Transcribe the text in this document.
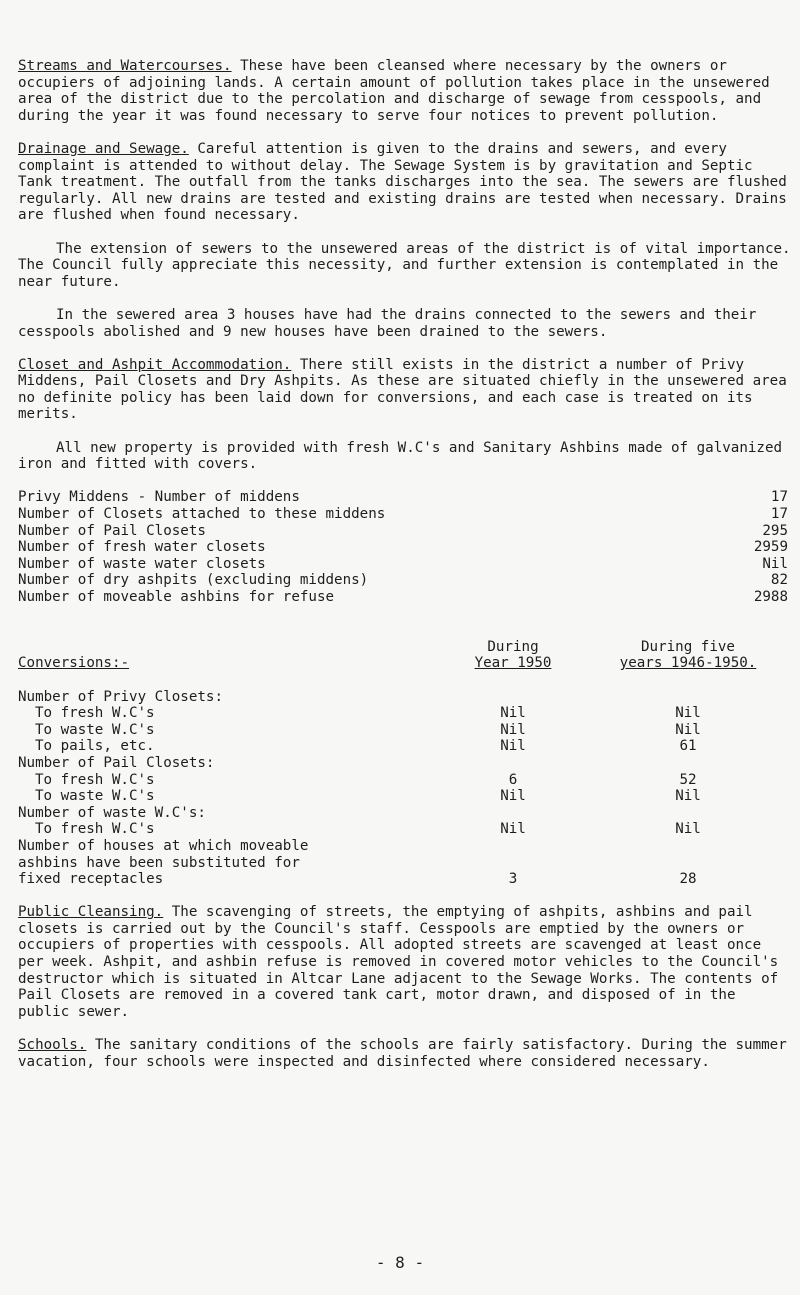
Streams and Watercourses. These have been cleansed where necessary by the owners or occupiers of adjoining lands. A certain amount of pollution takes place in the unsewered area of the district due to the percolation and discharge of sewage from cesspools, and during the year it was found necessary to serve four notices to prevent pollution.

Drainage and Sewage. Careful attention is given to the drains and sewers, and every complaint is attended to without delay. The Sewage System is by gravitation and Septic Tank treatment. The outfall from the tanks discharges into the sea. The sewers are flushed regularly. All new drains are tested and existing drains are tested when necessary. Drains are flushed when found necessary.

The extension of sewers to the unsewered areas of the district is of vital importance. The Council fully appreciate this necessity, and further extension is contemplated in the near future.

In the sewered area 3 houses have had the drains connected to the sewers and their cesspools abolished and 9 new houses have been drained to the sewers.

Closet and Ashpit Accommodation. There still exists in the district a number of Privy Middens, Pail Closets and Dry Ashpits. As these are situated chiefly in the unsewered area no definite policy has been laid down for conversions, and each case is treated on its merits.

All new property is provided with fresh W.C's and Sanitary Ashbins made of galvanized iron and fitted with covers.

Privy Middens - Number of middens	17
Number of Closets attached to these middens	17
Number of Pail Closets	295
Number of fresh water closets	2959
Number of waste water closets	Nil
Number of dry ashpits (excluding middens)	82
Number of moveable ashbins for refuse	2988
	During	During five
Conversions:-	Year 1950	years 1946-1950.

Number of Privy Closets:		
To fresh W.C's	Nil	Nil
To waste W.C's	Nil	Nil
To pails, etc.	Nil	61
Number of Pail Closets:		
To fresh W.C's	6	52
To waste W.C's	Nil	Nil
Number of waste W.C's:		
To fresh W.C's	Nil	Nil
Number of houses at which moveable		
ashbins have been substituted for		
fixed receptacles	3	28

Public Cleansing. The scavenging of streets, the emptying of ashpits, ashbins and pail closets is carried out by the Council's staff. Cesspools are emptied by the owners or occupiers of properties with cesspools. All adopted streets are scavenged at least once per week. Ashpit, and ashbin refuse is removed in covered motor vehicles to the Council's destructor which is situated in Altcar Lane adjacent to the Sewage Works. The contents of Pail Closets are removed in a covered tank cart, motor drawn, and disposed of in the public sewer.

Schools. The sanitary conditions of the schools are fairly satisfactory. During the summer vacation, four schools were inspected and disinfected where considered necessary.

- 8 -
